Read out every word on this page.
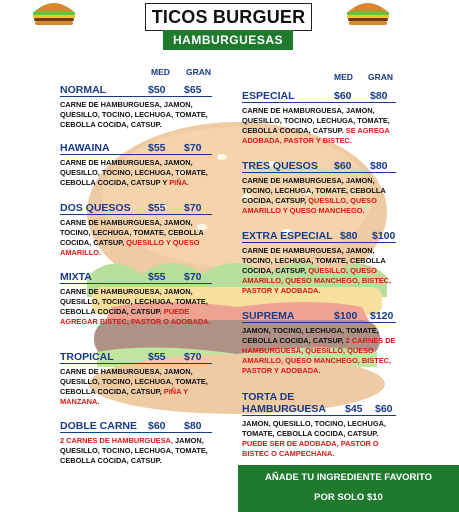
TICOS BURGUER
HAMBURGUESAS
MED GRAN	MED GRAN
NORMAL	$50	$65
CARNE DE HAMBURGUESA, JAMON, QUESILLO, TOCINO, LECHUGA, TOMATE, CEBOLLA COCIDA, CATSUP.
HAWAINA	$55	$70
CARNE DE HAMBURGUESA, JAMON, QUESILLO, TOCINO, LECHUGA, TOMATE, CEBOLLA COCIDA, CATSUP Y PIÑA.
DOS QUESOS	$55	$70
CARNE DE HAMBURGUESA, JAMON, TOCINO, LECHUGA, TOMATE, CEBOLLA COCIDA, CATSUP, QUESILLO Y QUESO AMARILLO.
MIXTA	$55	$70
CARNE DE HAMBURGUESA, JAMON, QUESILLO, TOCINO, LECHUGA, TOMATE, CEBOLLA COCIDA, CATSUP. PUEDE AGREGAR BISTEC, PASTOR O ADOBADA.
TROPICAL	$55	$70
CARNE DE HAMBURGUESA, JAMON, QUESILLO, TOCINO, LECHUGA, TOMATE, CEBOLLA COCIDA, CATSUP, PIÑA Y MANZANA.
DOBLE CARNE	$60	$80
2 CARNES DE HAMBURGUESA, JAMON, QUESILLO, TOCINO, LECHUGA, TOMATE, CEBOLLA COCIDA, CATSUP.
ESPECIAL	$60	$80
CARNE DE HAMBURGUESA, JAMON, QUESILLO, TOCINO, LECHUGA, TOMATE, CEBOLLA COCIDA, CATSUP. SE AGREGA ADOBADA, PASTOR Y BISTEC.
TRES QUESOS	$60	$80
CARNE DE HAMBURGUESA, JAMON, TOCINO, LECHUGA, TOMATE, CEBOLLA COCIDA, CATSUP, QUESILLO, QUESO AMARILLO Y QUESO MANCHEGO.
EXTRA ESPECIAL $80	$100
CARNE DE HAMBURGUESA, JAMON, TOCINO, LECHUGA, TOMATE, CEBOLLA COCIDA, CATSUP, QUESILLO, QUESO AMARILLO, QUESO MANCHEGO, BISTEC, PASTOR Y ADOBADA.
SUPREMA	$100	$120
JAMON, TOCINO, LECHUGA, TOMATE, CEBOLLA COCIDA, CATSUP, 2 CARNES DE HAMBURGUESA, QUESILLO, QUESO AMARILLO, QUESO MANCHEGO, BISTEC, PASTOR Y ADOBADA.
TORTA DE
HAMBURGUESA	$45	$60
JAMON, QUESILLO, TOCINO, LECHUGA, TOMATE, CEBOLLA COCIDA, CATSUP. PUEDE SER DE ADOBADA, PASTOR O BISTEC O CAMPECHANA.
AÑADE TU INGREDIENTE FAVORITO
POR SOLO $10
